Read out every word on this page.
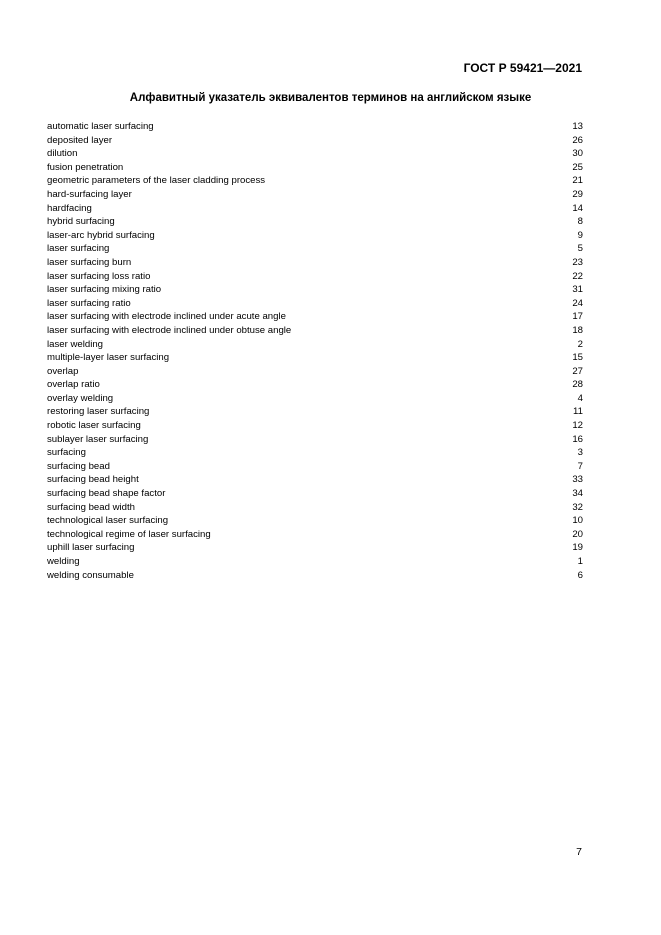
ГОСТ Р 59421—2021
Алфавитный указатель эквивалентов терминов на английском языке
automatic laser surfacing	13
deposited layer	26
dilution	30
fusion penetration	25
geometric parameters of the laser cladding process	21
hard-surfacing layer	29
hardfacing	14
hybrid surfacing	8
laser-arc hybrid surfacing	9
laser surfacing	5
laser surfacing burn	23
laser surfacing loss ratio	22
laser surfacing mixing ratio	31
laser surfacing ratio	24
laser surfacing with electrode inclined under acute angle	17
laser surfacing with electrode inclined under obtuse angle	18
laser welding	2
multiple-layer laser surfacing	15
overlap	27
overlap ratio	28
overlay welding	4
restoring laser surfacing	11
robotic laser surfacing	12
sublayer laser surfacing	16
surfacing	3
surfacing bead	7
surfacing bead height	33
surfacing bead shape factor	34
surfacing bead width	32
technological laser surfacing	10
technological regime of laser surfacing	20
uphill laser surfacing	19
welding	1
welding consumable	6
7
